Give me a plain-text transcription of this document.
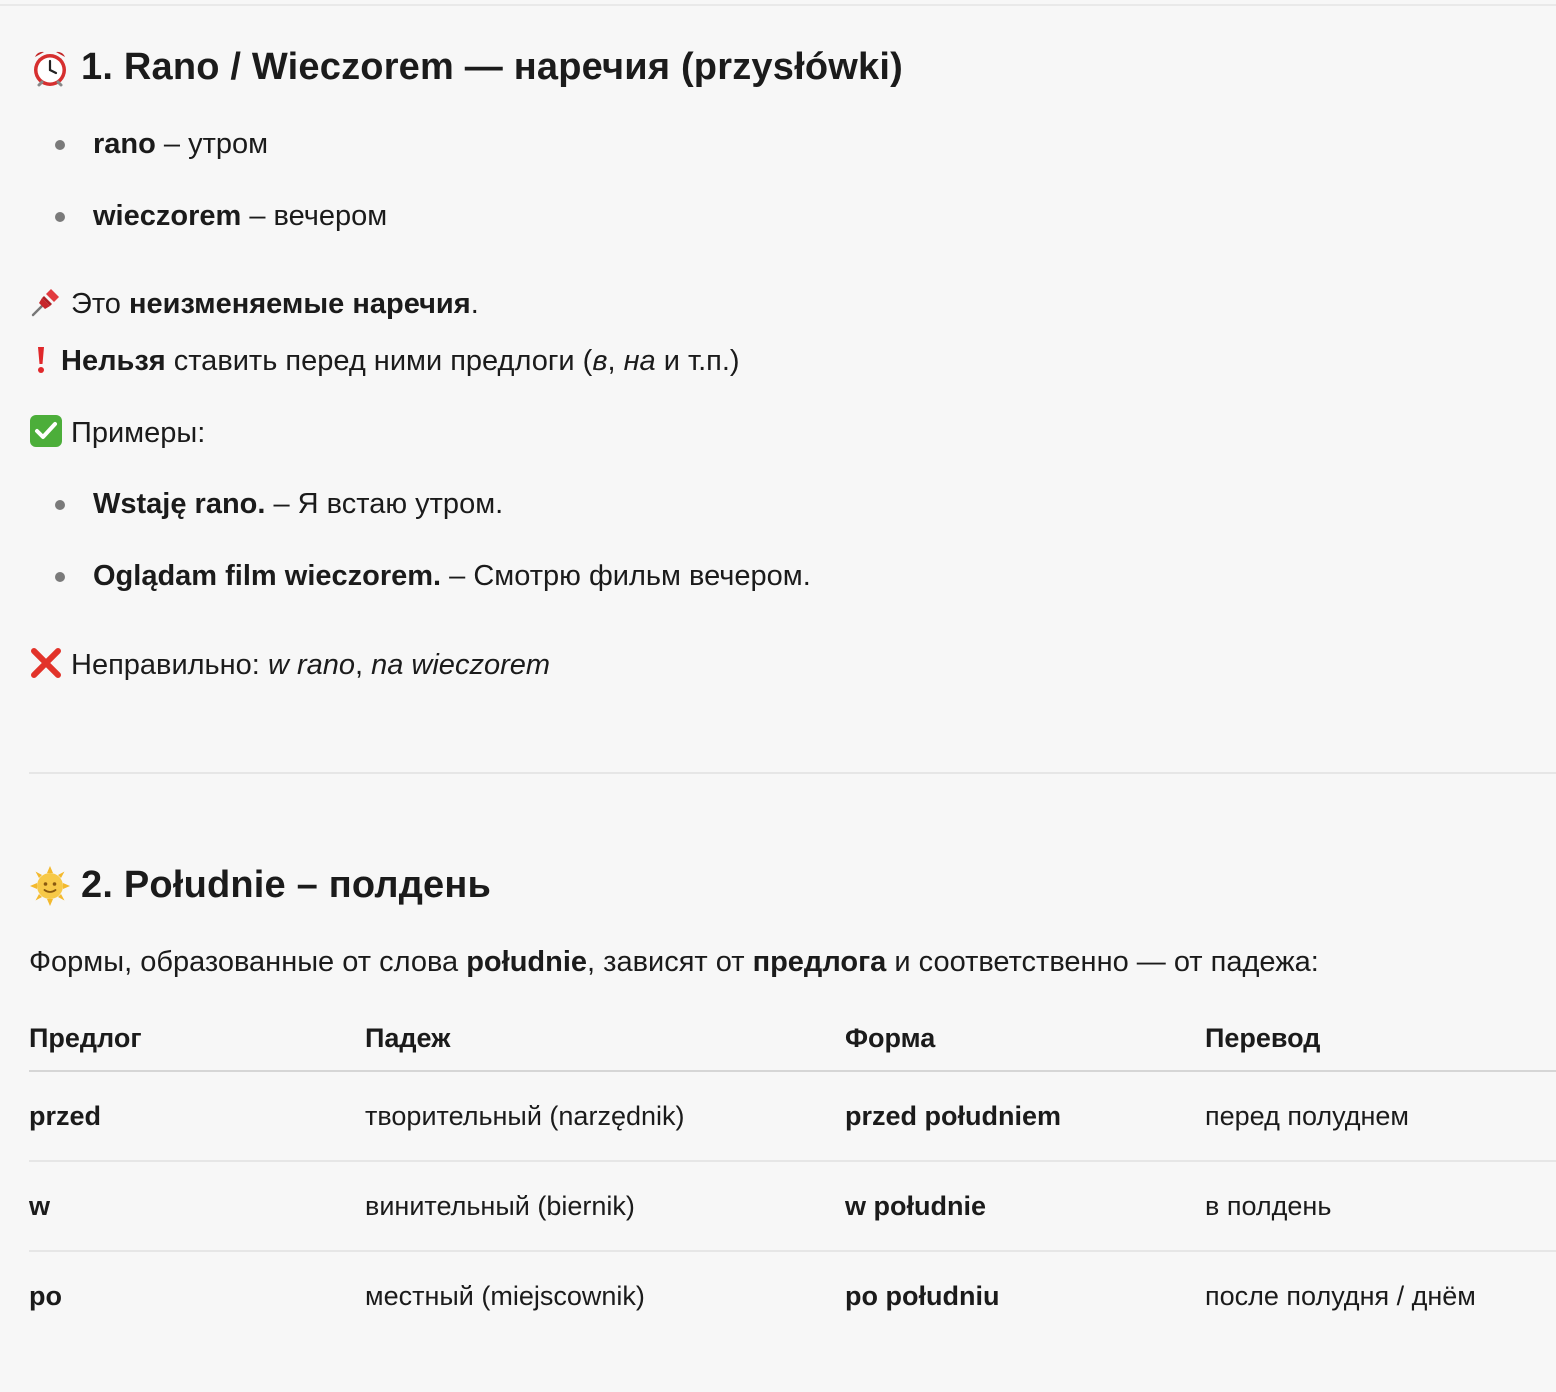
1. Rano / Wieczorem — наречия (przysłówki)
rano – утром
wieczorem – вечером
Это неизменяемые наречия.
Нельзя ставить перед ними предлоги (в, на и т.п.)
Примеры:
Wstaję rano. – Я встаю утром.
Oglądam film wieczorem. – Смотрю фильм вечером.
Неправильно: w rano, na wieczorem
2. Południe – полдень
Формы, образованные от слова południe, зависят от предлога и соответственно — от падежа:
Предлог	Падеж	Форма	Перевод
przed	творительный (narzędnik)	przed południem	перед полуднем
w	винительный (biernik)	w południe	в полдень
po	местный (miejscownik)	po południu	после полудня / днём
